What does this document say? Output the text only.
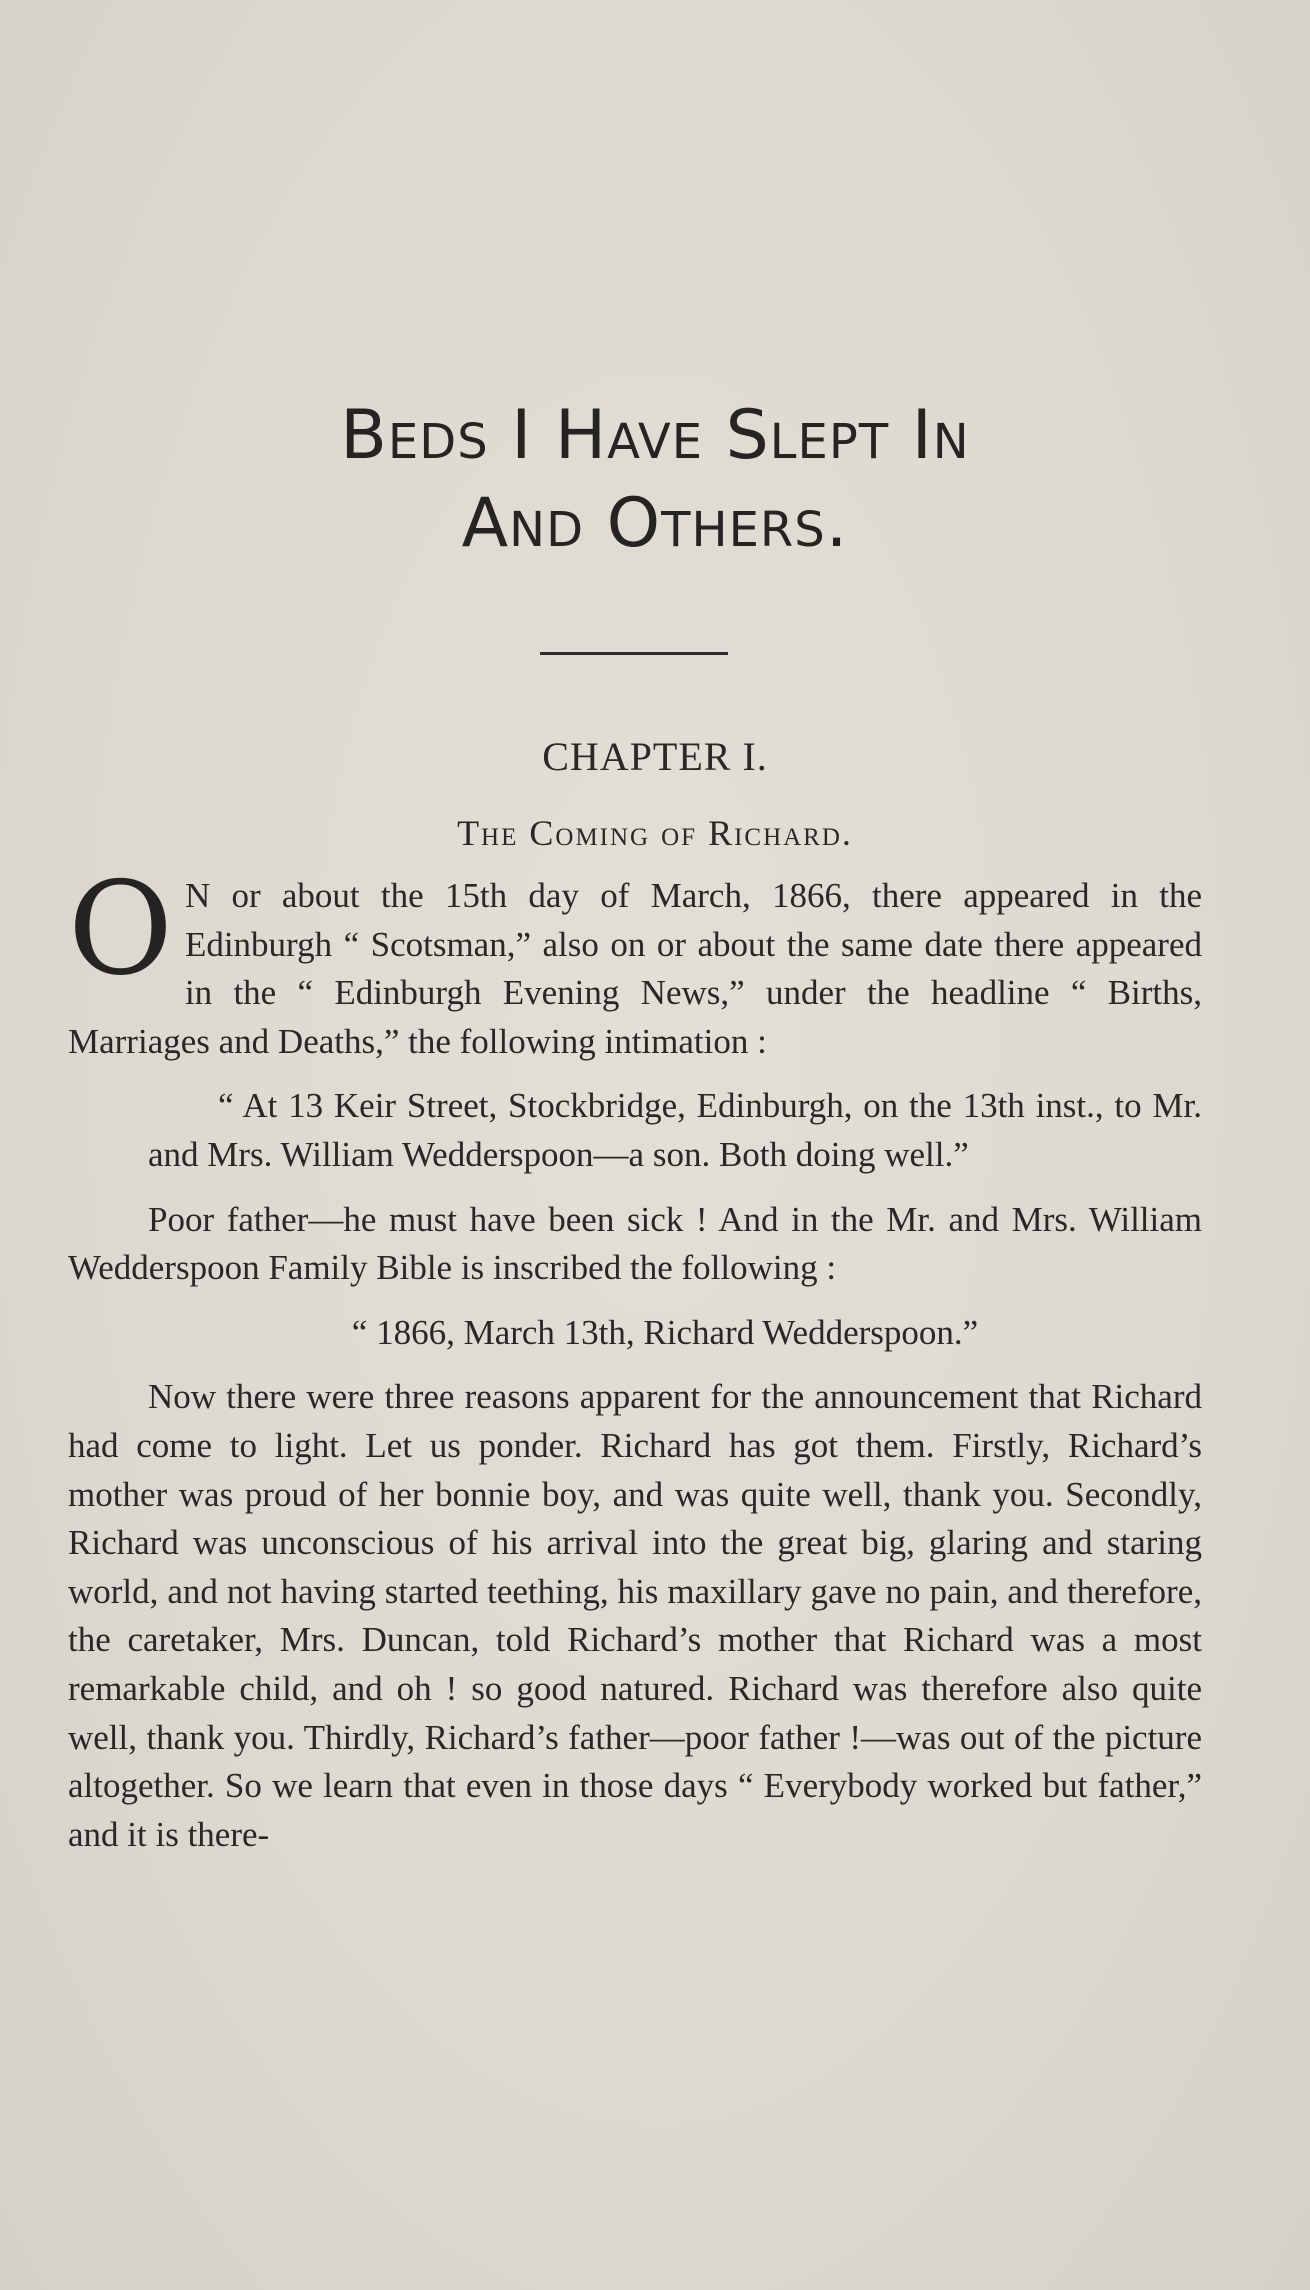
Beds I Have Slept In
And Others.
CHAPTER I.
The Coming of Richard.

O N or about the 15th day of March, 1866, there appeared in the Edinburgh “ Scotsman,” also on or about the same date there appeared in the “ Edinburgh Evening News,” under the headline “ Births, Marriages and Deaths,” the following intimation :

“ At 13 Keir Street, Stockbridge, Edinburgh, on the 13th inst., to Mr. and Mrs. William Wedderspoon—a son. Both doing well.”

Poor father—he must have been sick ! And in the Mr. and Mrs. William Wedderspoon Family Bible is inscribed the following :

“ 1866, March 13th, Richard Wedderspoon.”

Now there were three reasons apparent for the announcement that Richard had come to light. Let us ponder. Richard has got them. Firstly, Richard’s mother was proud of her bonnie boy, and was quite well, thank you. Secondly, Richard was unconscious of his arrival into the great big, glaring and staring world, and not having started teething, his maxillary gave no pain, and therefore, the caretaker, Mrs. Duncan, told Richard’s mother that Richard was a most remarkable child, and oh ! so good natured. Richard was therefore also quite well, thank you. Thirdly, Richard’s father—poor father !—was out of the picture altogether. So we learn that even in those days “ Everybody worked but father,” and it is there-
